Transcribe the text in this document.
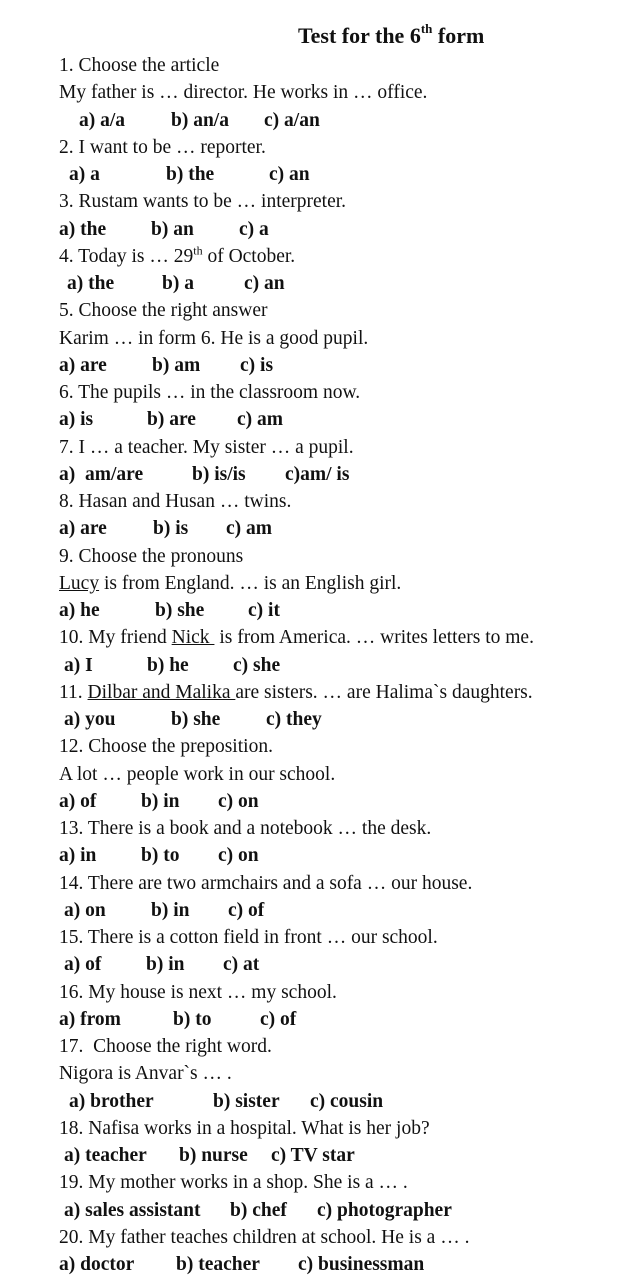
Test for the 6th form
1. Choose the article
My father is … director. He works in … office.
a) a/a b) an/a c) a/an
2. I want to be … reporter.
a) a	b) the	c) an
3. Rustam wants to be … interpreter.
a) the b) an c) a
4. Today is … 29th of October.
a) the b) a	c) an
5. Choose the right answer
Karim … in form 6. He is a good pupil.
a) are b) am c) is
6. The pupils … in the classroom now.
a) is	b) are c) am
7. I … a teacher. My sister … a pupil.
a)  am/are	b) is/is c)am/ is
8. Hasan and Husan … twins.
a) are b) is c) am
9. Choose the pronouns
Lucy is from England. … is an English girl.
a) he	b) she c) it
10. My friend Nick  is from America. … writes letters to me.
a) I	b) he c) she
11. Dilbar and Malika are sisters. … are Halima`s daughters.
a) you	b) she c) they
12. Choose the preposition.
A lot … people work in our school.
a) of b) in c) on
13. There is a book and a notebook … the desk.
a) in b) to c) on
14. There are two armchairs and a sofa … our house.
a) on b) in c) of
15. There is a cotton field in front … our school.
a) of b) in c) at
16. My house is next … my school.
a) from	b) to c) of
17.  Choose the right word.
Nigora is Anvar`s … .
a) brother	b) sister c) cousin
18. Nafisa works in a hospital. What is her job?
a) teacher b) nurse c) TV star
19. My mother works in a shop. She is a … .
a) sales assistant b) chef c) photographer
20. My father teaches children at school. He is a … .
a) doctor b) teacher c) businessman
